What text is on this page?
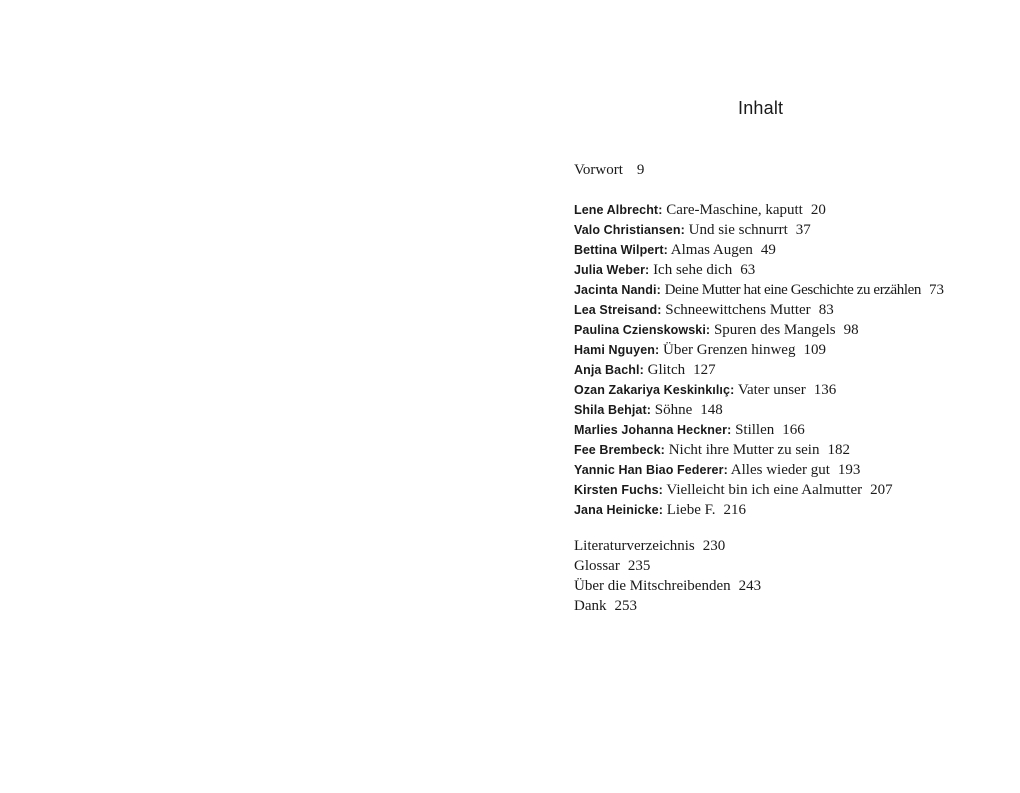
Inhalt
Vorwort 9
Lene Albrecht: Care-Maschine, kaputt 20
Valo Christiansen: Und sie schnurrt 37
Bettina Wilpert: Almas Augen 49
Julia Weber: Ich sehe dich 63
Jacinta Nandi: Deine Mutter hat eine Geschichte zu erzählen 73
Lea Streisand: Schneewittchens Mutter 83
Paulina Czienskowski: Spuren des Mangels 98
Hami Nguyen: Über Grenzen hinweg 109
Anja Bachl: Glitch 127
Ozan Zakariya Keskinkılıç: Vater unser 136
Shila Behjat: Söhne 148
Marlies Johanna Heckner: Stillen 166
Fee Brembeck: Nicht ihre Mutter zu sein 182
Yannic Han Biao Federer: Alles wieder gut 193
Kirsten Fuchs: Vielleicht bin ich eine Aalmutter 207
Jana Heinicke: Liebe F. 216
Literaturverzeichnis 230
Glossar 235
Über die Mitschreibenden 243
Dank 253
